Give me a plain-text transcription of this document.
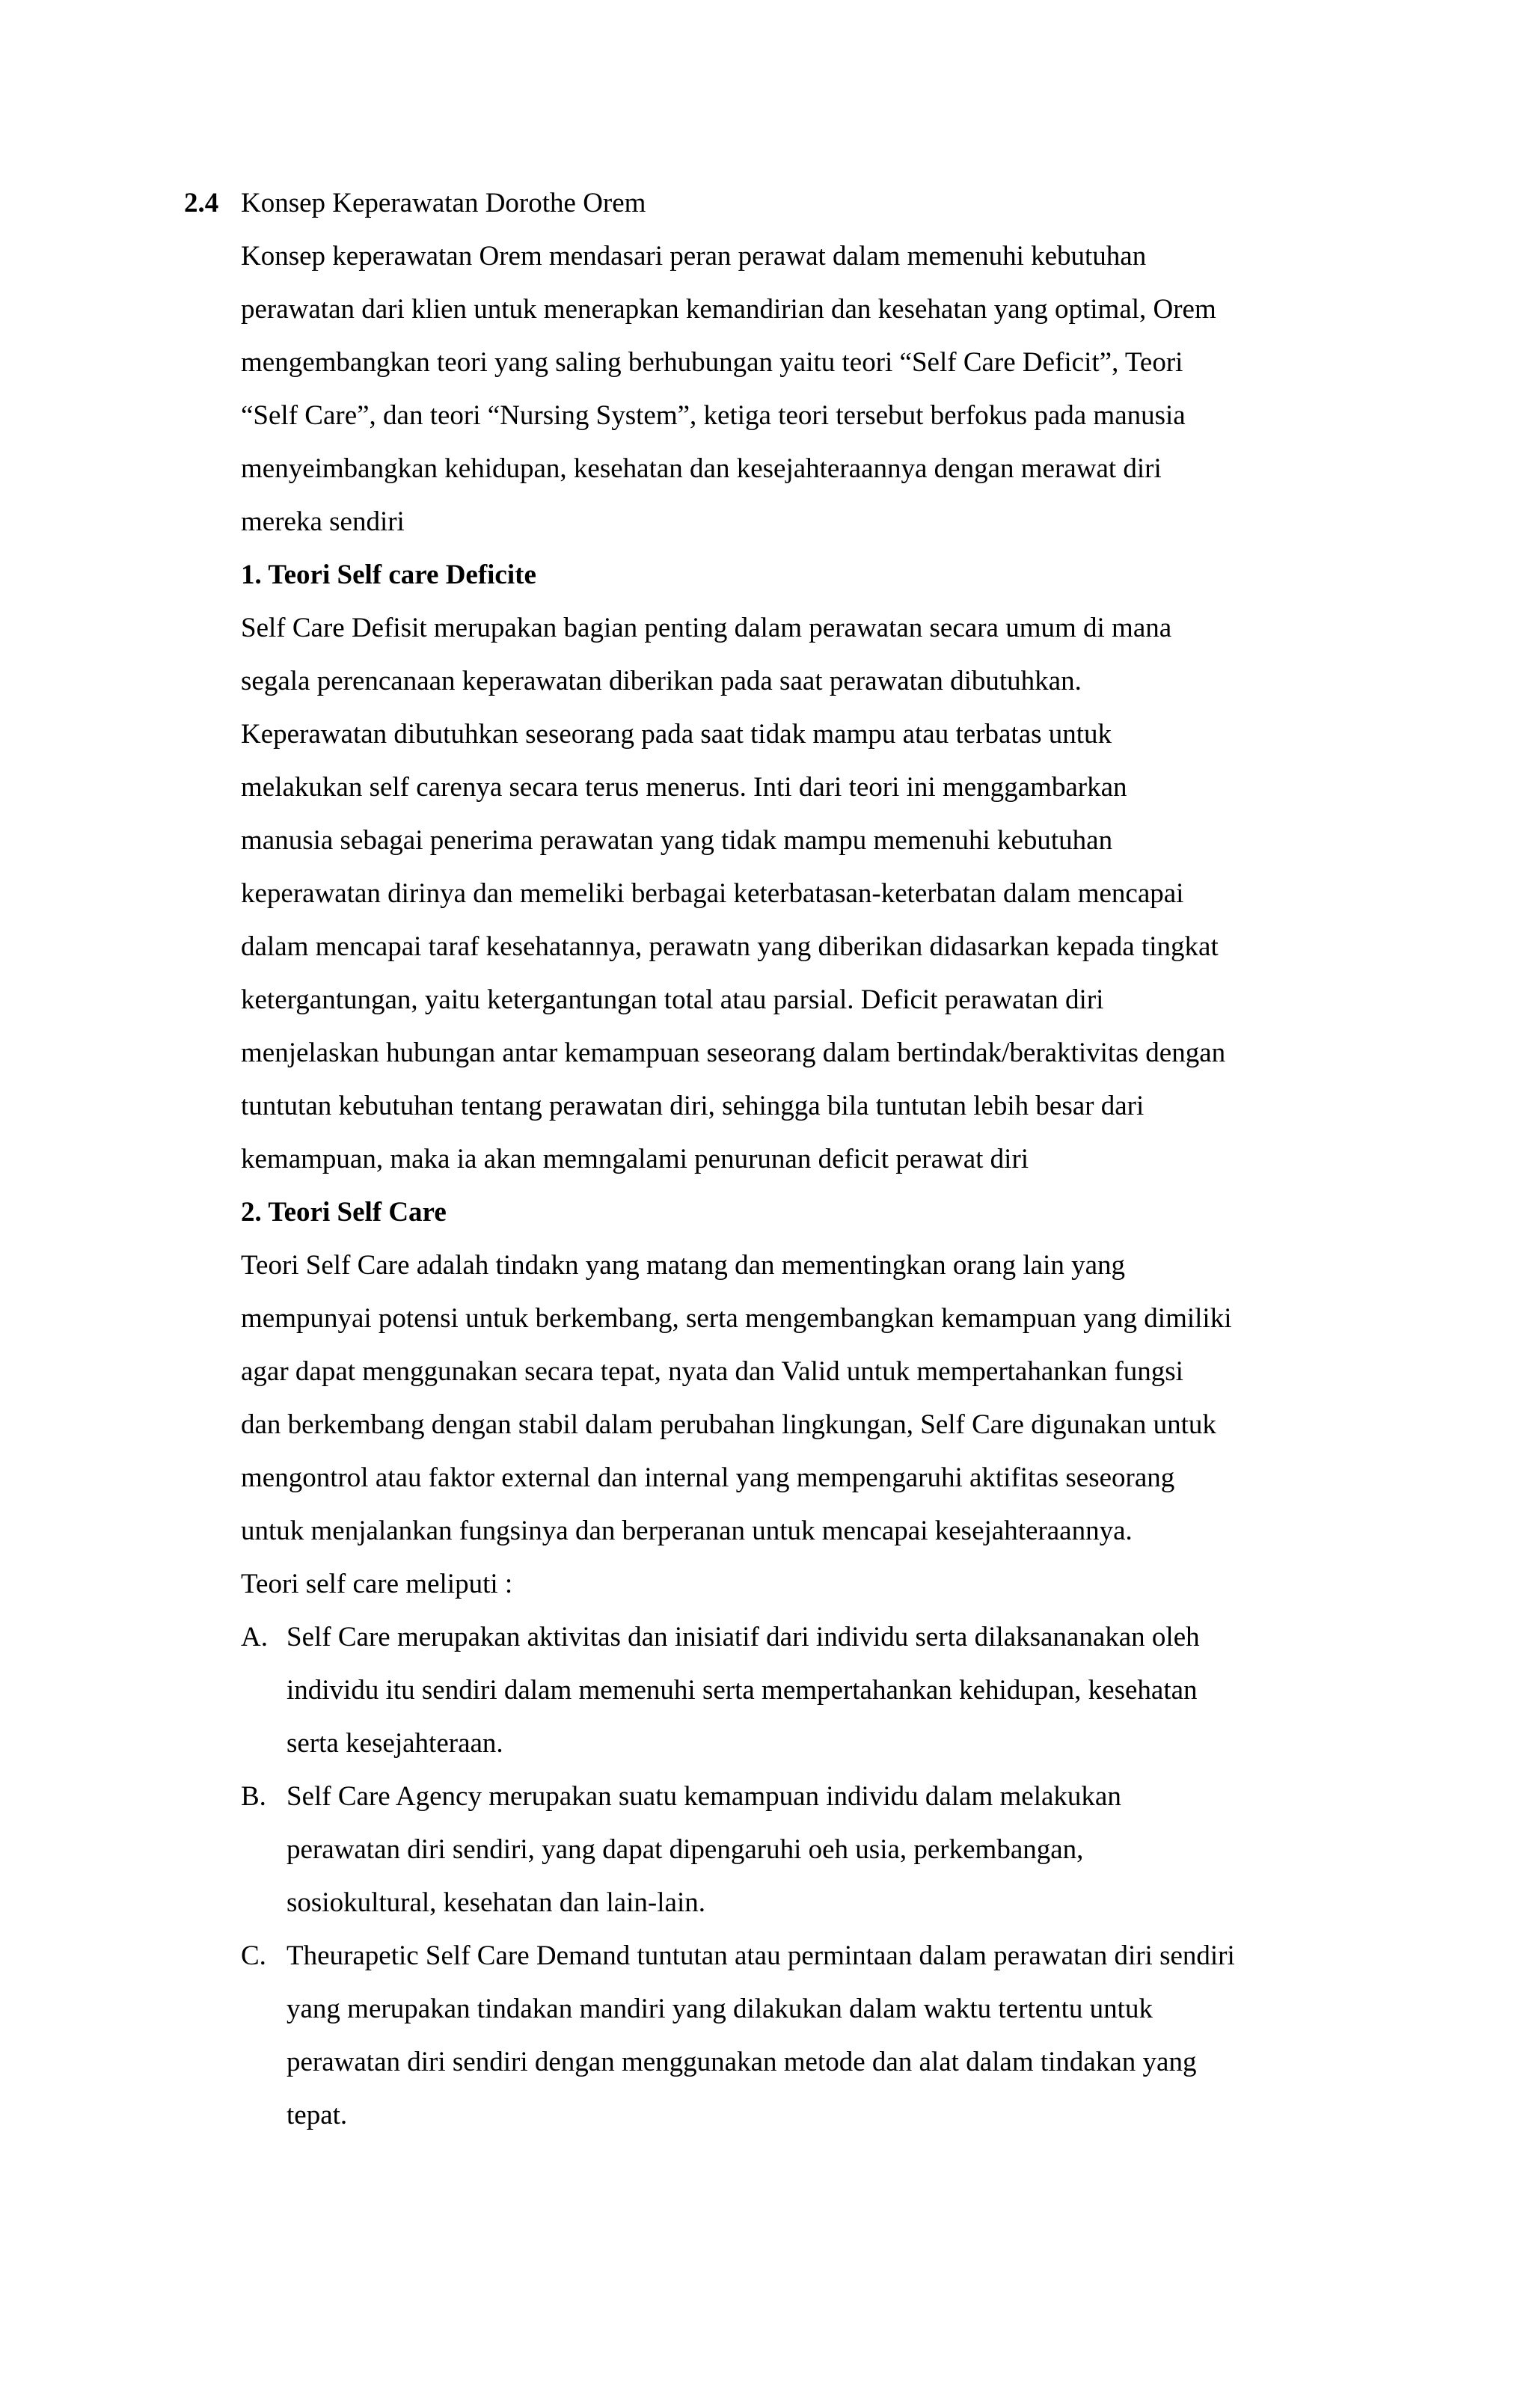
2.4 Konsep Keperawatan Dorothe Orem
Konsep keperawatan Orem mendasari peran perawat dalam memenuhi kebutuhan
perawatan dari klien untuk menerapkan kemandirian dan kesehatan yang optimal, Orem
mengembangkan teori yang saling berhubungan yaitu teori “Self Care Deficit”, Teori
“Self Care”, dan teori “Nursing System”, ketiga teori tersebut berfokus pada manusia
menyeimbangkan kehidupan, kesehatan dan kesejahteraannya dengan merawat diri
mereka sendiri
1. Teori Self care Deficite
Self Care Defisit merupakan bagian penting dalam perawatan secara umum di mana
segala perencanaan keperawatan diberikan pada saat perawatan dibutuhkan.
Keperawatan dibutuhkan seseorang pada saat tidak mampu atau terbatas untuk
melakukan self carenya secara terus menerus. Inti dari teori ini menggambarkan
manusia sebagai penerima perawatan yang tidak mampu memenuhi kebutuhan
keperawatan dirinya dan memeliki berbagai keterbatasan-keterbatan dalam mencapai
dalam mencapai taraf kesehatannya, perawatn yang diberikan didasarkan kepada tingkat
ketergantungan, yaitu ketergantungan total atau parsial. Deficit perawatan diri
menjelaskan hubungan antar kemampuan seseorang dalam bertindak/beraktivitas dengan
tuntutan kebutuhan tentang perawatan diri, sehingga bila tuntutan lebih besar dari
kemampuan, maka ia akan memngalami penurunan deficit perawat diri
2. Teori Self Care
Teori Self Care adalah tindakn yang matang dan mementingkan orang lain yang
mempunyai potensi untuk berkembang, serta mengembangkan kemampuan yang dimiliki
agar dapat menggunakan secara tepat, nyata dan Valid untuk mempertahankan fungsi
dan berkembang dengan stabil dalam perubahan lingkungan, Self Care digunakan untuk
mengontrol atau faktor external dan internal yang mempengaruhi aktifitas seseorang
untuk menjalankan fungsinya dan berperanan untuk mencapai kesejahteraannya.
Teori self care meliputi :
A. Self Care merupakan aktivitas dan inisiatif dari individu serta dilaksananakan oleh
individu itu sendiri dalam memenuhi serta mempertahankan kehidupan, kesehatan
serta kesejahteraan.
B. Self Care Agency merupakan suatu kemampuan individu dalam melakukan
perawatan diri sendiri, yang dapat dipengaruhi oeh usia, perkembangan,
sosiokultural, kesehatan dan lain-lain.
C. Theurapetic Self Care Demand tuntutan atau permintaan dalam perawatan diri sendiri
yang merupakan tindakan mandiri yang dilakukan dalam waktu tertentu untuk
perawatan diri sendiri dengan menggunakan metode dan alat dalam tindakan yang
tepat.
